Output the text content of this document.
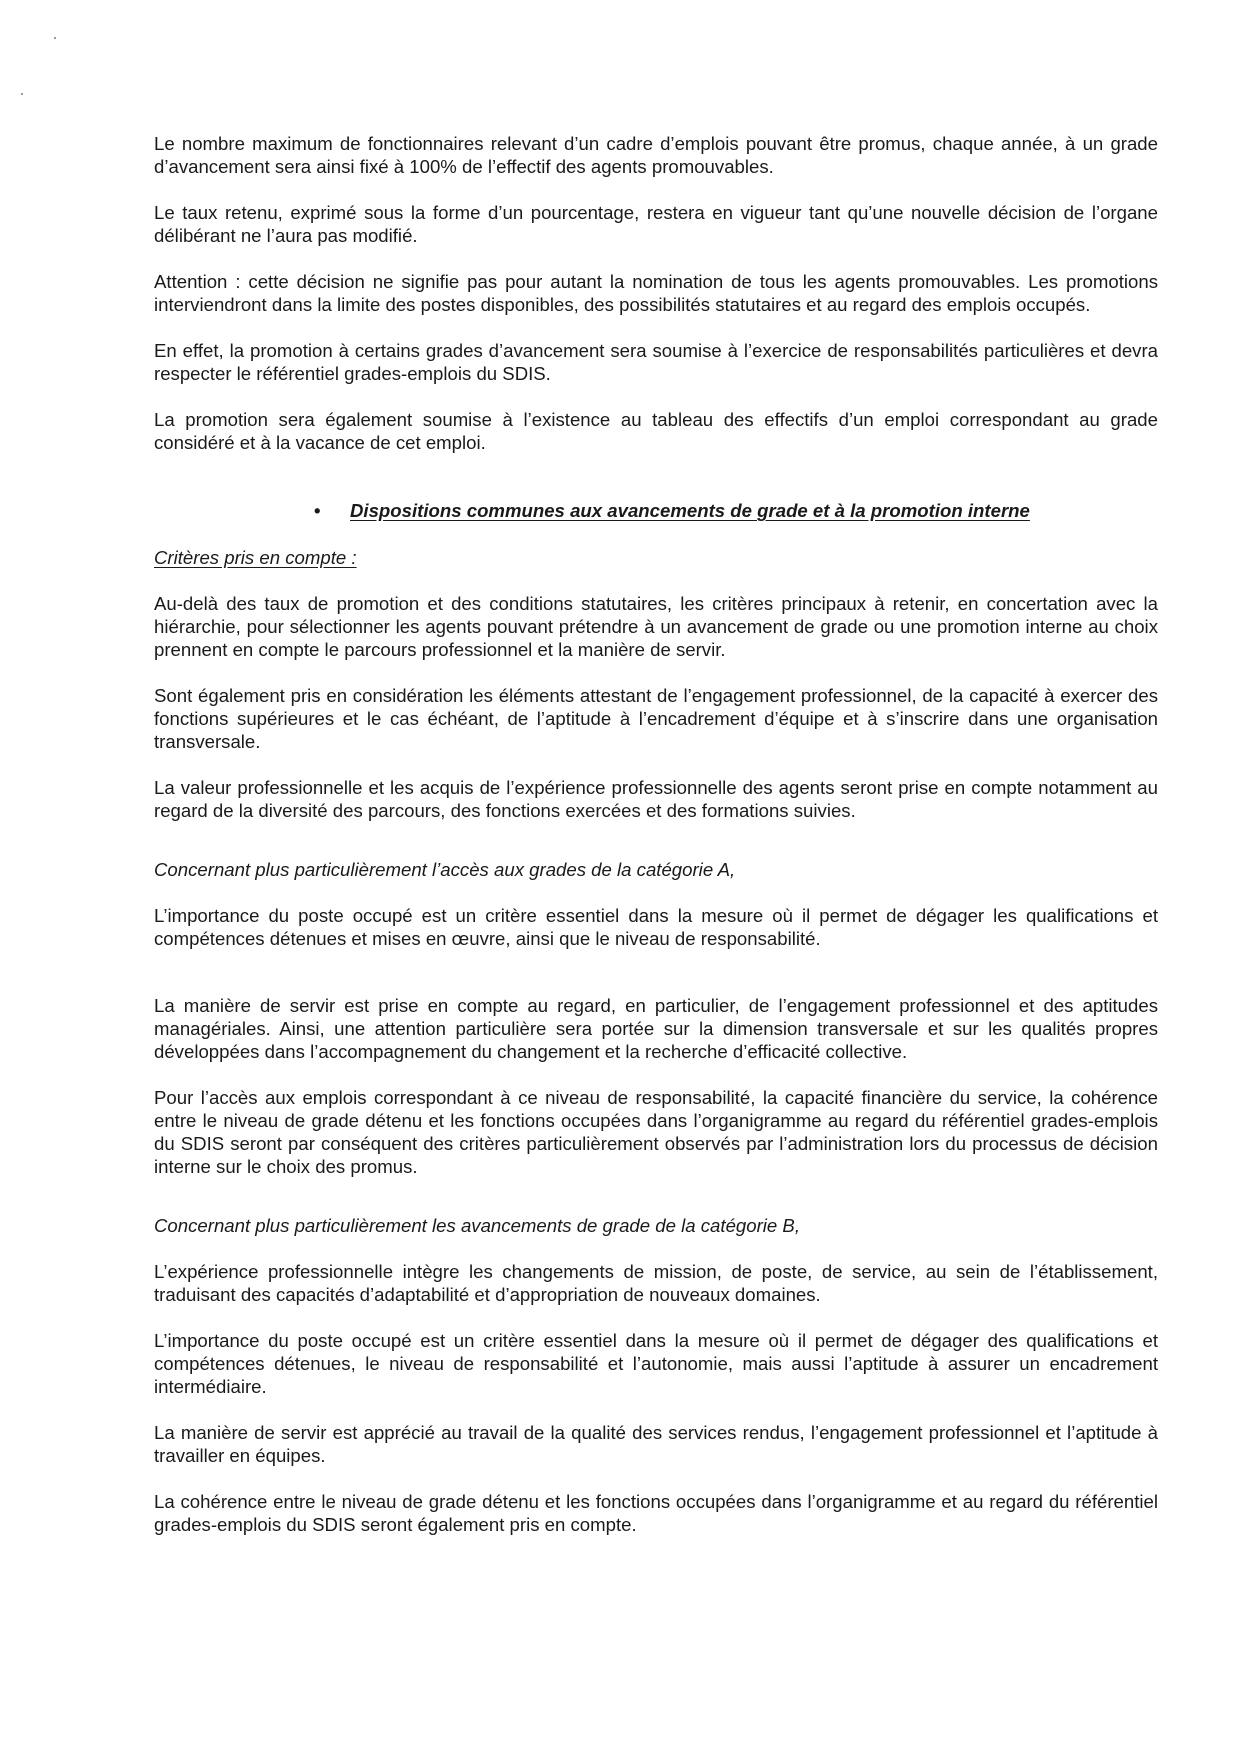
Le nombre maximum de fonctionnaires relevant d’un cadre d’emplois pouvant être promus, chaque année, à un grade d’avancement sera ainsi fixé à 100% de l’effectif des agents promouvables.

Le taux retenu, exprimé sous la forme d’un pourcentage, restera en vigueur tant qu’une nouvelle décision de l’organe délibérant ne l’aura pas modifié.

Attention : cette décision ne signifie pas pour autant la nomination de tous les agents promouvables. Les promotions interviendront dans la limite des postes disponibles, des possibilités statutaires et au regard des emplois occupés.

En effet, la promotion à certains grades d’avancement sera soumise à l’exercice de responsabilités particulières et devra respecter le référentiel grades-emplois du SDIS.

La promotion sera également soumise à l’existence au tableau des effectifs d’un emploi correspondant au grade considéré et à la vacance de cet emploi.

•	Dispositions communes aux avancements de grade et à la promotion interne
Critères pris en compte :

Au-delà des taux de promotion et des conditions statutaires, les critères principaux à retenir, en concertation avec la hiérarchie, pour sélectionner les agents pouvant prétendre à un avancement de grade ou une promotion interne au choix prennent en compte le parcours professionnel et la manière de servir.

Sont également pris en considération les éléments attestant de l’engagement professionnel, de la capacité à exercer des fonctions supérieures et le cas échéant, de l’aptitude à l’encadrement d’équipe et à s’inscrire dans une organisation transversale.

La valeur professionnelle et les acquis de l’expérience professionnelle des agents seront prise en compte notamment au regard de la diversité des parcours, des fonctions exercées et des formations suivies.

Concernant plus particulièrement l’accès aux grades de la catégorie A,

L’importance du poste occupé est un critère essentiel dans la mesure où il permet de dégager les qualifications et compétences détenues et mises en œuvre, ainsi que le niveau de responsabilité.

La manière de servir est prise en compte au regard, en particulier, de l’engagement professionnel et des aptitudes managériales. Ainsi, une attention particulière sera portée sur la dimension transversale et sur les qualités propres développées dans l’accompagnement du changement et la recherche d’efficacité collective.

Pour l’accès aux emplois correspondant à ce niveau de responsabilité, la capacité financière du service, la cohérence entre le niveau de grade détenu et les fonctions occupées dans l’organigramme au regard du référentiel grades-emplois du SDIS seront par conséquent des critères particulièrement observés par l’administration lors du processus de décision interne sur le choix des promus.

Concernant plus particulièrement les avancements de grade de la catégorie B,

L’expérience professionnelle intègre les changements de mission, de poste, de service, au sein de l’établissement, traduisant des capacités d’adaptabilité et d’appropriation de nouveaux domaines.

L’importance du poste occupé est un critère essentiel dans la mesure où il permet de dégager des qualifications et compétences détenues, le niveau de responsabilité et l’autonomie, mais aussi l’aptitude à assurer un encadrement intermédiaire.

La manière de servir est apprécié au travail de la qualité des services rendus, l’engagement professionnel et l’aptitude à travailler en équipes.

La cohérence entre le niveau de grade détenu et les fonctions occupées dans l’organigramme et au regard du référentiel grades-emplois du SDIS seront également pris en compte.
